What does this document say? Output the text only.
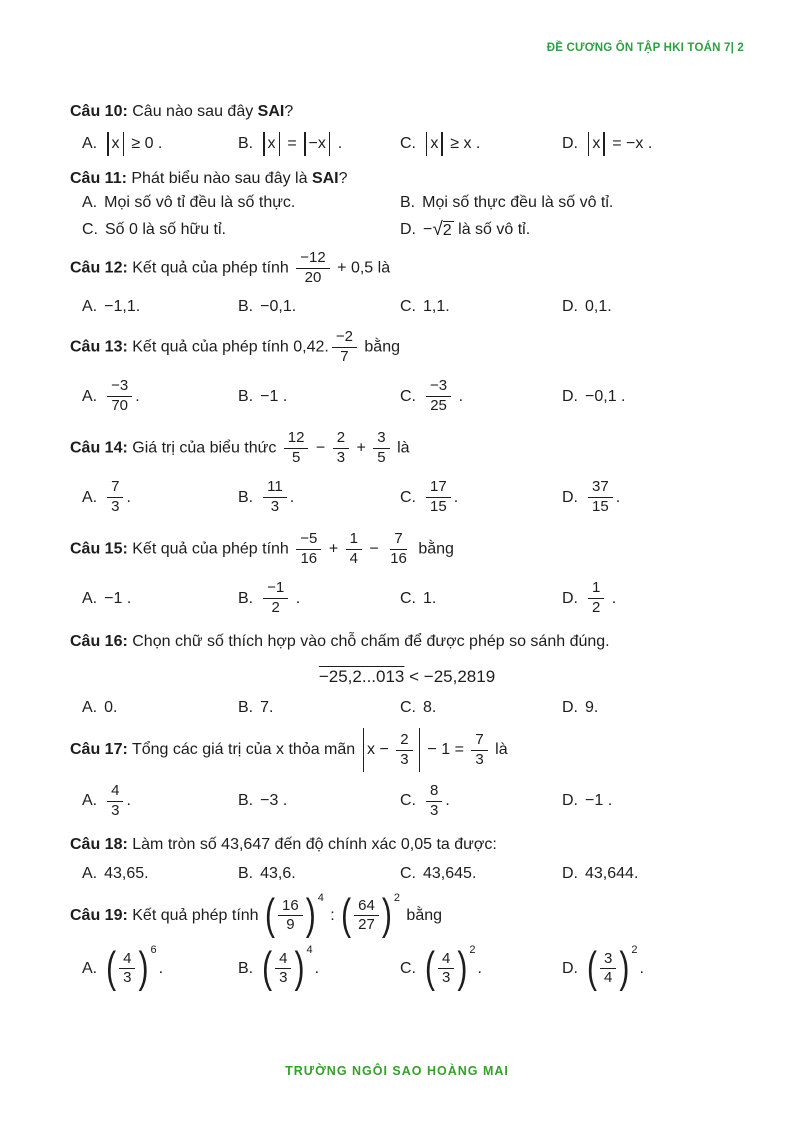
ĐỀ CƯƠNG ÔN TẬP HKI TOÁN 7| 2
Câu 10: Câu nào sau đây SAI?
A. x ≥ 0 .	B. x = −x .	C. x ≥ x .	D. x = −x .
Câu 11: Phát biểu nào sau đây là SAI?
A. Mọi số vô tỉ đều là số thực.	B. Mọi số thực đều là số vô tỉ.
C. Số 0 là số hữu tỉ.	D. − √2 là số vô tỉ.
Câu 12: Kết quả của phép tính $\frac{-12}{20} + 0,5$ là
A. −1,1.	B. −0,1.	C. 1,1.	D. 0,1.
Câu 13: Kết quả của phép tính 0,42. $\frac{-2}{7}$ bằng
A. $\frac{-3}{70}$ .	B. −1 .	C. $\frac{-3}{25}$ .	D. −0,1 .
Câu 14: Giá trị của biểu thức $\frac{12}{5} - \frac{2}{3} + \frac{3}{5}$ là
A. $\frac{7}{3}$ .	B. $\frac{11}{3}$ .	C. $\frac{17}{15}$ .	D. $\frac{37}{15}$ .
Câu 15: Kết quả của phép tính $\frac{-5}{16} + \frac{1}{4} - \frac{7}{16}$ bằng
A. −1 .	B. $\frac{-1}{2}$ .	C. 1.	D. $\frac{1}{2}$ .
Câu 16: Chọn chữ số thích hợp vào chỗ chấm để được phép so sánh đúng.
−25,2...013 < −25,2819
A. 0.	B. 7.	C. 8.	D. 9.
Câu 17: Tổng các giá trị của x thỏa mãn $x - \frac{2}{3} - 1 = \frac{7}{3}$ là
A. $\frac{4}{3}$ .	B. −3 .	C. $\frac{8}{3}$ .	D. −1 .
Câu 18: Làm tròn số 43,647 đến độ chính xác 0,05 ta được:
A. 43,65.	B. 43,6.	C. 43,645.	D. 43,644.
Câu 19: Kết quả phép tính ( $\frac{16}{9}$ ) 4
: ( $\frac{64}{27}$ ) 2
bằng
A. ( $\frac{4}{3}$ ) 6
.	B. ( $\frac{4}{3}$ ) 4
.	C. ( $\frac{4}{3}$ ) 2
.	D. ( $\frac{3}{4}$ ) 2
.
TRƯỜNG NGÔI SAO HOÀNG MAI
